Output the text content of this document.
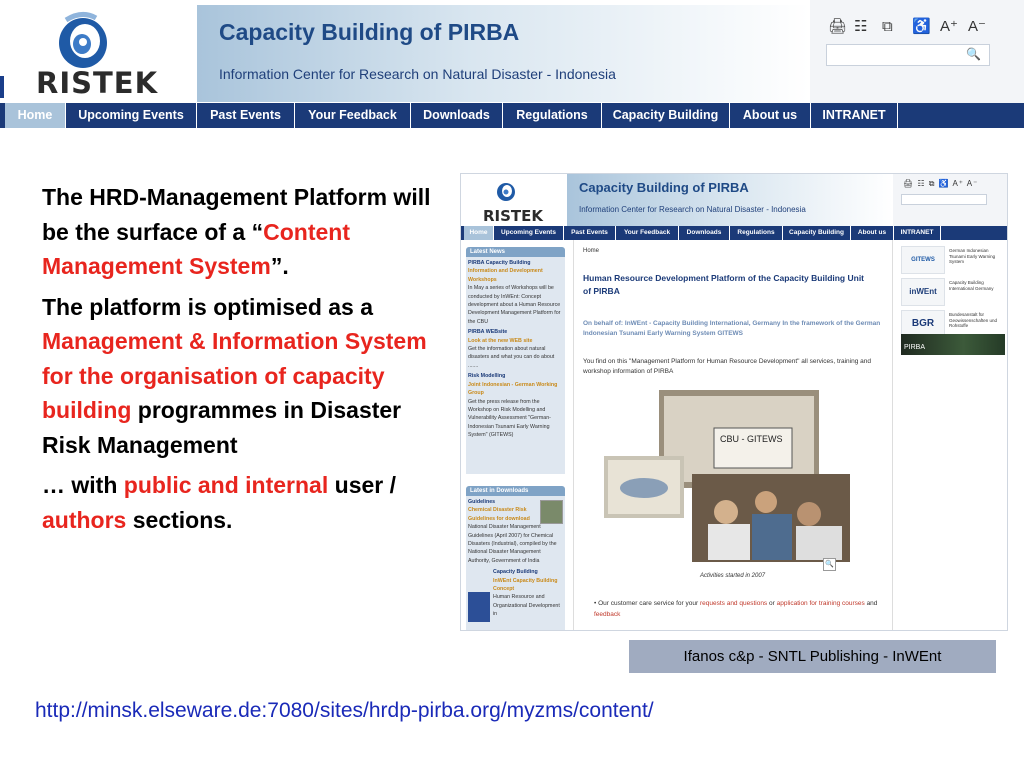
RISTEK
Capacity Building of PIRBA
Information Center for Research on Natural Disaster - Indonesia
🖨 ☷ ⧉ ♿ A⁺ A⁻
🔍
Home	Upcoming Events	Past Events	Your Feedback	Downloads	Regulations	Capacity Building	About us	INTRANET

The HRD-Management Platform will be the surface of a “Content Management System”.

The platform is optimised as a Management & Information System for the organisation of capacity building programmes in Disaster Risk Management

… with public and internal user / authors sections.

RISTEK
Capacity Building of PIRBA
Information Center for Research on Natural Disaster - Indonesia
🖨 ☷ ⧉ ♿ A⁺ A⁻
Home	Upcoming Events	Past Events	Your Feedback	Downloads	Regulations	Capacity Building	About us	INTRANET
Latest News
PIRBA Capacity Building
Information and Development Workshops
In May a series of Workshops will be conducted by InWEnt: Concept development about a Human Resource Development Management Platform for the CBU
PIRBA WEBsite
Look at the new WEB site
Get the information about natural disasters and what you can do about .......
Risk Modelling
Joint Indonesian - German Working Group
Get the press release from the Workshop on Risk Modelling and Vulnerability Assessment "German-Indonesian Tsunami Early Warning System" (GITEWS)
Latest in Downloads
Guidelines
Chemical Disaster Risk Guidelines for download
National Disaster Management Guidelines (April 2007) for Chemical Disasters (Industrial), compiled by the National Disaster Management Authority, Government of India
Capacity Building
InWEnt Capacity Building Concept
Human Resource and Organizational Development in
Home
Human Resource Development Platform of the Capacity Building Unit of PIRBA
On behalf of: InWEnt - Capacity Building International, Germany In the framework of the German Indonesian Tsunami Early Warning System GITEWS
You find on this "Management Platform for Human Resource Development" all services, training and workshop information of PIRBA
CBU - GITEWS
🔍
Activities started in 2007
• Our customer care service for your requests and questions or application for training courses and feedback
GITEWS
German Indonesian Tsunami Early Warning System
inWEnt
Capacity Building International Germany
BGR
Bundesanstalt für Geowissenschaften und Rohstoffe
PIRBA
Ifanos c&p - SNTL Publishing - InWEnt
http://minsk.elseware.de:7080/sites/hrdp-pirba.org/myzms/content/
